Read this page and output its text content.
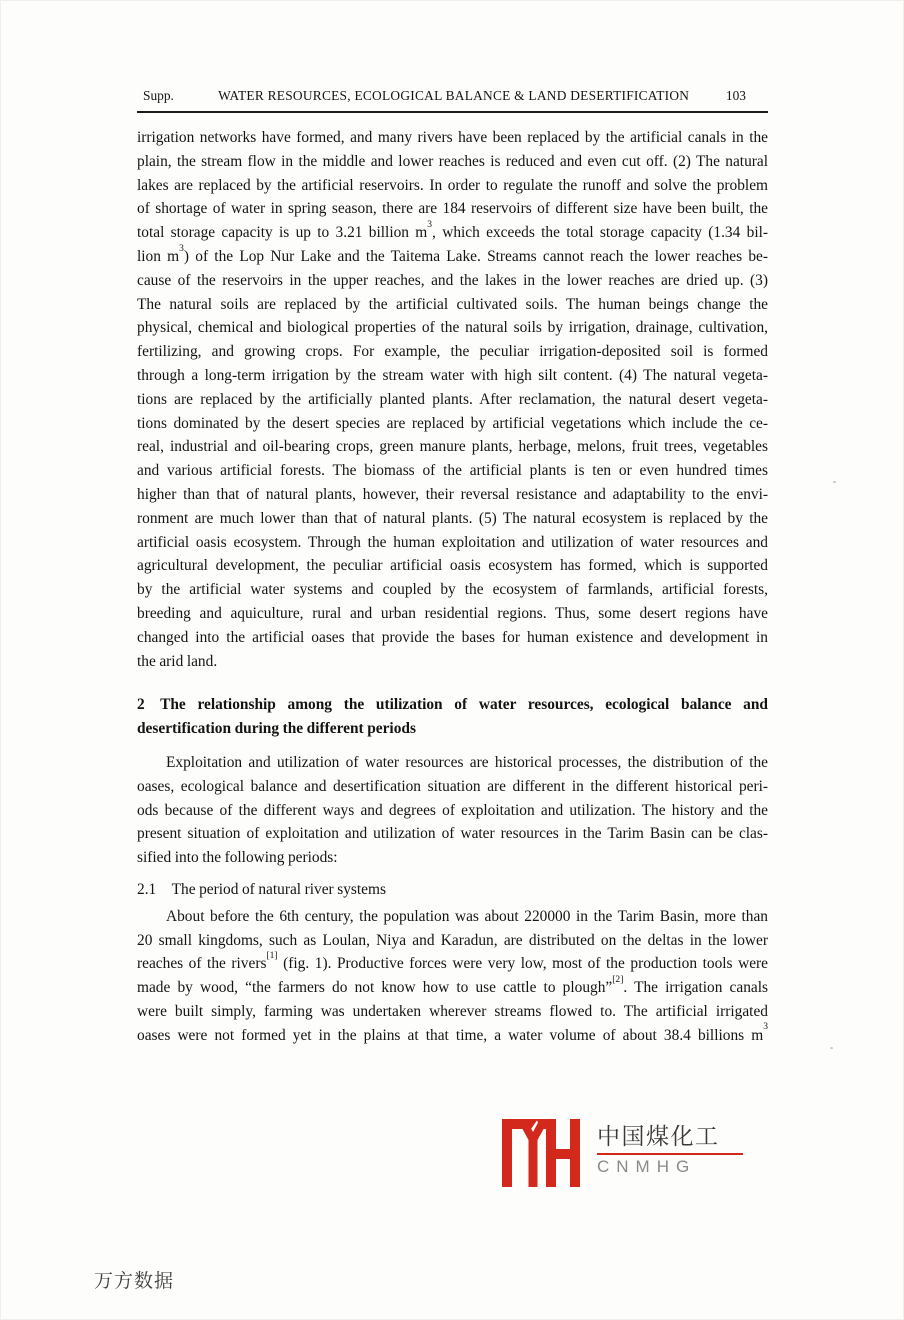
Supp.	WATER RESOURCES, ECOLOGICAL BALANCE & LAND DESERTIFICATION	103
irrigation networks have formed, and many rivers have been replaced by the artificial canals in the
plain, the stream flow in the middle and lower reaches is reduced and even cut off. (2) The natural
lakes are replaced by the artificial reservoirs. In order to regulate the runoff and solve the problem
of shortage of water in spring season, there are 184 reservoirs of different size have been built, the
total storage capacity is up to 3.21 billion $m^3$, which exceeds the total storage capacity (1.34 bil-
lion $m^3$) of the Lop Nur Lake and the Taitema Lake. Streams cannot reach the lower reaches be-
cause of the reservoirs in the upper reaches, and the lakes in the lower reaches are dried up. (3)
The natural soils are replaced by the artificial cultivated soils. The human beings change the
physical, chemical and biological properties of the natural soils by irrigation, drainage, cultivation,
fertilizing, and growing crops. For example, the peculiar irrigation-deposited soil is formed
through a long-term irrigation by the stream water with high silt content. (4) The natural vegeta-
tions are replaced by the artificially planted plants. After reclamation, the natural desert vegeta-
tions dominated by the desert species are replaced by artificial vegetations which include the ce-
real, industrial and oil-bearing crops, green manure plants, herbage, melons, fruit trees, vegetables
and various artificial forests. The biomass of the artificial plants is ten or even hundred times
higher than that of natural plants, however, their reversal resistance and adaptability to the envi-
ronment are much lower than that of natural plants. (5) The natural ecosystem is replaced by the
artificial oasis ecosystem. Through the human exploitation and utilization of water resources and
agricultural development, the peculiar artificial oasis ecosystem has formed, which is supported
by the artificial water systems and coupled by the ecosystem of farmlands, artificial forests,
breeding and aquiculture, rural and urban residential regions. Thus, some desert regions have
changed into the artificial oases that provide the bases for human existence and development in
the arid land.
2  The relationship among the utilization of water resources, ecological balance and
desertification during the different periods
Exploitation and utilization of water resources are historical processes, the distribution of the
oases, ecological balance and desertification situation are different in the different historical peri-
ods because of the different ways and degrees of exploitation and utilization. The history and the
present situation of exploitation and utilization of water resources in the Tarim Basin can be clas-
sified into the following periods:
2.1  The period of natural river systems
About before the 6th century, the population was about 220000 in the Tarim Basin, more than
20 small kingdoms, such as Loulan, Niya and Karadun, are distributed on the deltas in the lower
reaches of the rivers[1] (fig. 1). Productive forces were very low, most of the production tools were
made by wood, “the farmers do not know how to use cattle to plough”[2]. The irrigation canals
were built simply, farming was undertaken wherever streams flowed to. The artificial irrigated
oases were not formed yet in the plains at that time, a water volume of about 38.4 billions $m^3$
中国煤化工
CNMHG
万方数据
